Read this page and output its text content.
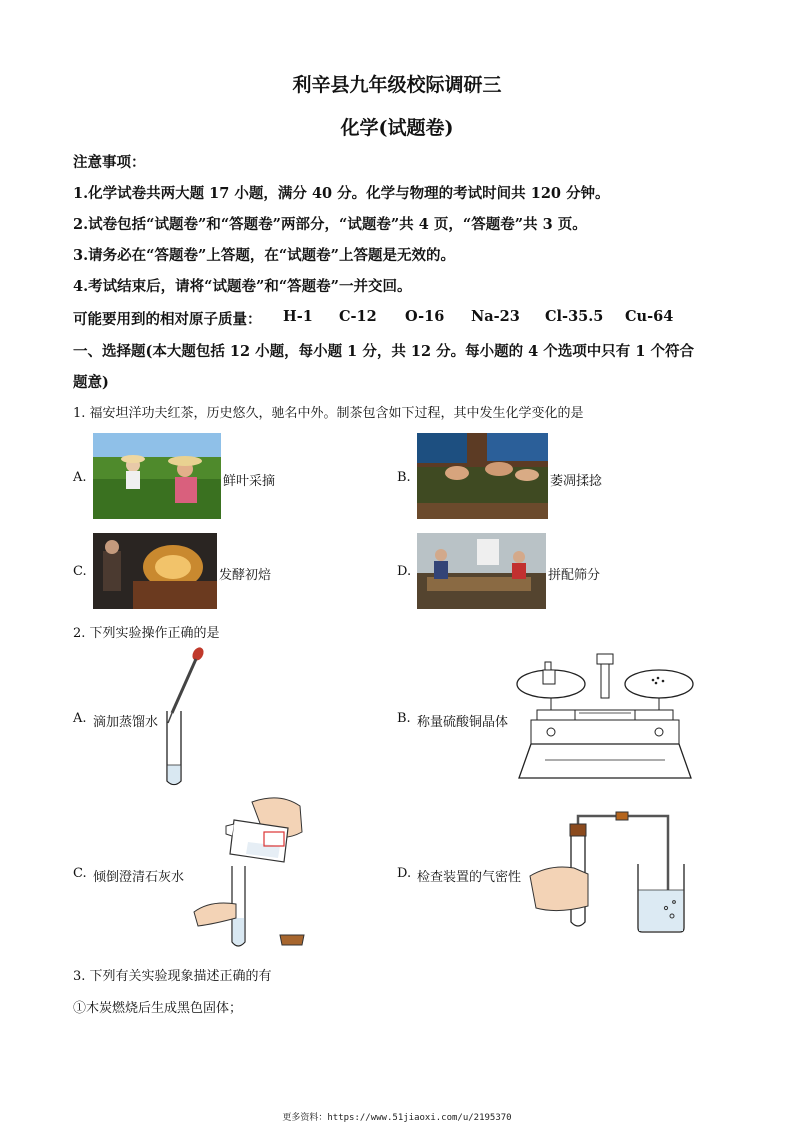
利辛县九年级校际调研三
化学(试题卷)
注意事项：
1.化学试卷共两大题 17 小题，满分 40 分。化学与物理的考试时间共 120 分钟。
2.试卷包括“试题卷”和“答题卷”两部分，“试题卷”共 4 页，“答题卷”共 3 页。
3.请务必在“答题卷”上答题，在“试题卷”上答题是无效的。
4.考试结束后，请将“试题卷”和“答题卷”一并交回。
可能要用到的相对原子质量： H-1 C-12 O-16 Na-23 Cl-35.5 Cu-64
一、选择题(本大题包括 12 小题，每小题 1 分，共 12 分。每小题的 4 个选项中只有 1 个符合
题意)
1. 福安坦洋功夫红茶，历史悠久，驰名中外。制茶包含如下过程，其中发生化学变化的是
A.	鲜叶采摘	B.	萎凋揉捻
C.	发酵初焙	D.	拼配筛分
2. 下列实验操作正确的是
A. 滴加蒸馏水	B. 称量硫酸铜晶体
C. 倾倒澄清石灰水	D. 检查装置的气密性
3. 下列有关实验现象描述正确的有
①木炭燃烧后生成黑色固体；
更多资料：https://www.51jiaoxi.com/u/2195370
